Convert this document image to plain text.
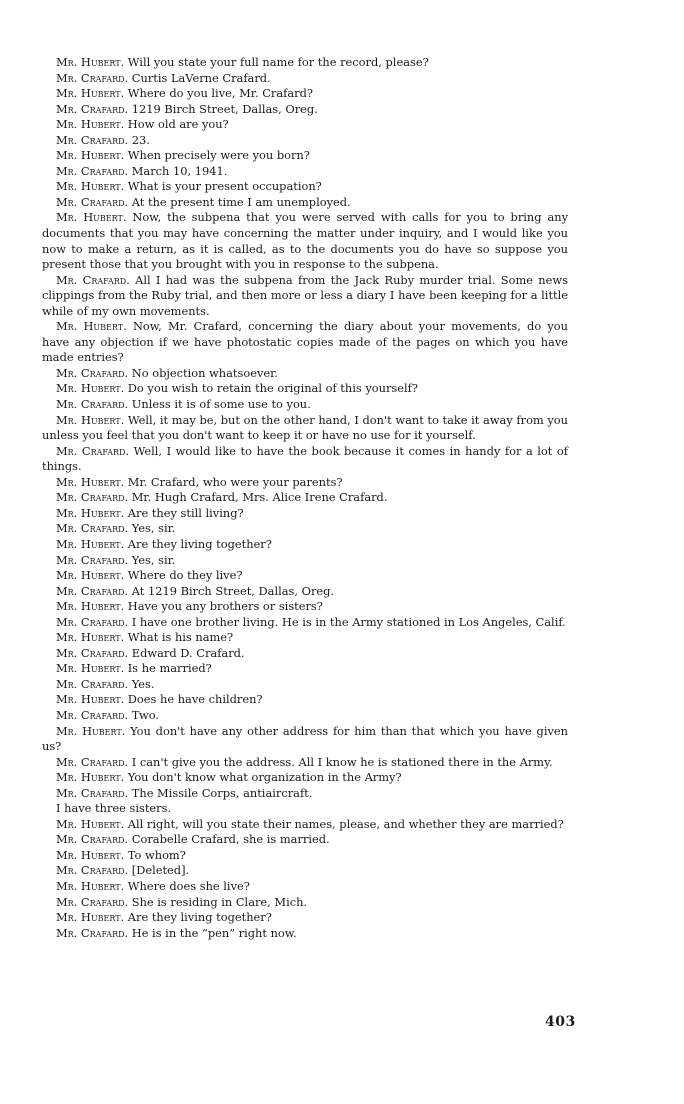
Mr. Hubert. Will you state your full name for the record, please?

Mr. Crafard. Curtis LaVerne Crafard.

Mr. Hubert. Where do you live, Mr. Crafard?

Mr. Crafard. 1219 Birch Street, Dallas, Oreg.

Mr. Hubert. How old are you?

Mr. Crafard. 23.

Mr. Hubert. When precisely were you born?

Mr. Crafard. March 10, 1941.

Mr. Hubert. What is your present occupation?

Mr. Crafard. At the present time I am unemployed.

Mr. Hubert. Now, the subpena that you were served with calls for you to bring any documents that you may have concerning the matter under inquiry, and I would like you now to make a return, as it is called, as to the documents you do have so suppose you present those that you brought with you in response to the subpena.

Mr. Crafard. All I had was the subpena from the Jack Ruby murder trial. Some news clippings from the Ruby trial, and then more or less a diary I have been keeping for a little while of my own movements.

Mr. Hubert. Now, Mr. Crafard, concerning the diary about your movements, do you have any objection if we have photostatic copies made of the pages on which you have made entries?

Mr. Crafard. No objection whatsoever.

Mr. Hubert. Do you wish to retain the original of this yourself?

Mr. Crafard. Unless it is of some use to you.

Mr. Hubert. Well, it may be, but on the other hand, I don't want to take it away from you unless you feel that you don't want to keep it or have no use for it yourself.

Mr. Crafard. Well, I would like to have the book because it comes in handy for a lot of things.

Mr. Hubert. Mr. Crafard, who were your parents?

Mr. Crafard. Mr. Hugh Crafard, Mrs. Alice Irene Crafard.

Mr. Hubert. Are they still living?

Mr. Crafard. Yes, sir.

Mr. Hubert. Are they living together?

Mr. Crafard. Yes, sir.

Mr. Hubert. Where do they live?

Mr. Crafard. At 1219 Birch Street, Dallas, Oreg.

Mr. Hubert. Have you any brothers or sisters?

Mr. Crafard. I have one brother living. He is in the Army stationed in Los Angeles, Calif.

Mr. Hubert. What is his name?

Mr. Crafard. Edward D. Crafard.

Mr. Hubert. Is he married?

Mr. Crafard. Yes.

Mr. Hubert. Does he have children?

Mr. Crafard. Two.

Mr. Hubert. You don't have any other address for him than that which you have given us?

Mr. Crafard. I can't give you the address. All I know he is stationed there in the Army.

Mr. Hubert. You don't know what organization in the Army?

Mr. Crafard. The Missile Corps, antiaircraft.

I have three sisters.

Mr. Hubert. All right, will you state their names, please, and whether they are married?

Mr. Crafard. Corabelle Crafard, she is married.

Mr. Hubert. To whom?

Mr. Crafard. [Deleted].

Mr. Hubert. Where does she live?

Mr. Crafard. She is residing in Clare, Mich.

Mr. Hubert. Are they living together?

Mr. Crafard. He is in the “pen” right now.

403
